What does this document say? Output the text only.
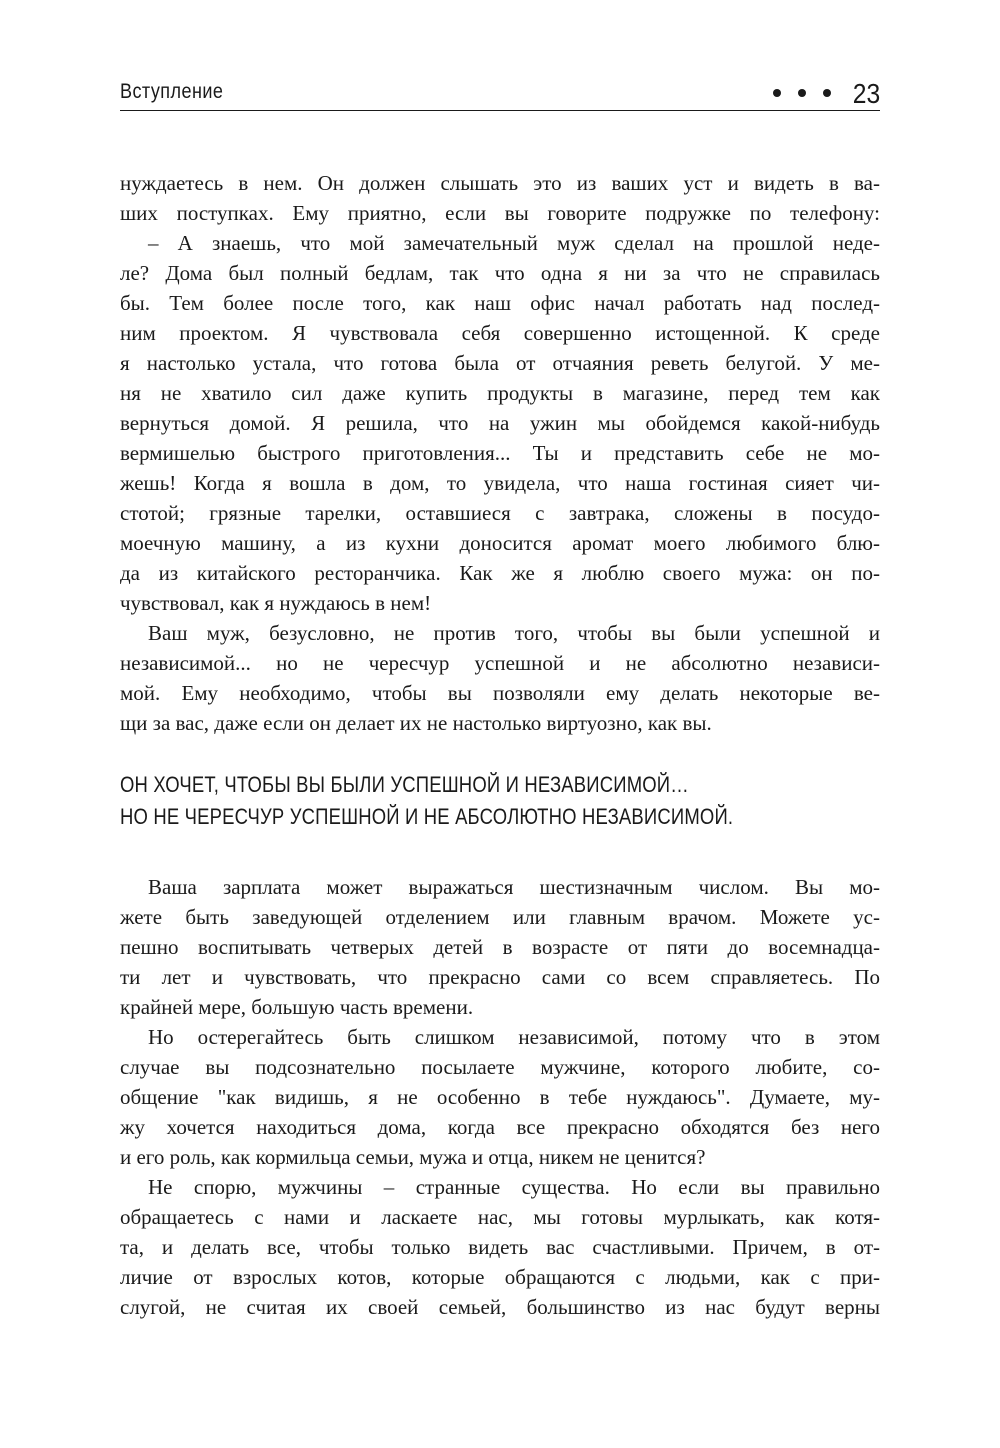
Вступление	23
нуждаетесь в нем. Он должен слышать это из ваших уст и видеть в ва-
ших поступках. Ему приятно, если вы говорите подружке по телефону:
– А знаешь, что мой замечательный муж сделал на прошлой неде-
ле? Дома был полный бедлам, так что одна я ни за что не справилась
бы. Тем более после того, как наш офис начал работать над послед-
ним проектом. Я чувствовала себя совершенно истощенной. К среде
я настолько устала, что готова была от отчаяния реветь белугой. У ме-
ня не хватило сил даже купить продукты в магазине, перед тем как
вернуться домой. Я решила, что на ужин мы обойдемся какой-нибудь
вермишелью быстрого приготовления... Ты и представить себе не мо-
жешь! Когда я вошла в дом, то увидела, что наша гостиная сияет чи-
стотой; грязные тарелки, оставшиеся с завтрака, сложены в посудо-
моечную машину, а из кухни доносится аромат моего любимого блю-
да из китайского ресторанчика. Как же я люблю своего мужа: он по-
чувствовал, как я нуждаюсь в нем!
Ваш муж, безусловно, не против того, чтобы вы были успешной и
независимой... но не чересчур успешной и не абсолютно независи-
мой. Ему необходимо, чтобы вы позволяли ему делать некоторые ве-
щи за вас, даже если он делает их не настолько виртуозно, как вы.
ОН ХОЧЕТ, ЧТОБЫ ВЫ БЫЛИ УСПЕШНОЙ И НЕЗАВИСИМОЙ…
НО НЕ ЧЕРЕСЧУР УСПЕШНОЙ И НЕ АБСОЛЮТНО НЕЗАВИСИМОЙ.
Ваша зарплата может выражаться шестизначным числом. Вы мо-
жете быть заведующей отделением или главным врачом. Можете ус-
пешно воспитывать четверых детей в возрасте от пяти до восемнадца-
ти лет и чувствовать, что прекрасно сами со всем справляетесь. По
крайней мере, большую часть времени.
Но остерегайтесь быть слишком независимой, потому что в этом
случае вы подсознательно посылаете мужчине, которого любите, со-
общение "как видишь, я не особенно в тебе нуждаюсь". Думаете, му-
жу хочется находиться дома, когда все прекрасно обходятся без него
и его роль, как кормильца семьи, мужа и отца, никем не ценится?
Не спорю, мужчины – странные существа. Но если вы правильно
обращаетесь с нами и ласкаете нас, мы готовы мурлыкать, как котя-
та, и делать все, чтобы только видеть вас счастливыми. Причем, в от-
личие от взрослых котов, которые обращаются с людьми, как с при-
слугой, не считая их своей семьей, большинство из нас будут верны
